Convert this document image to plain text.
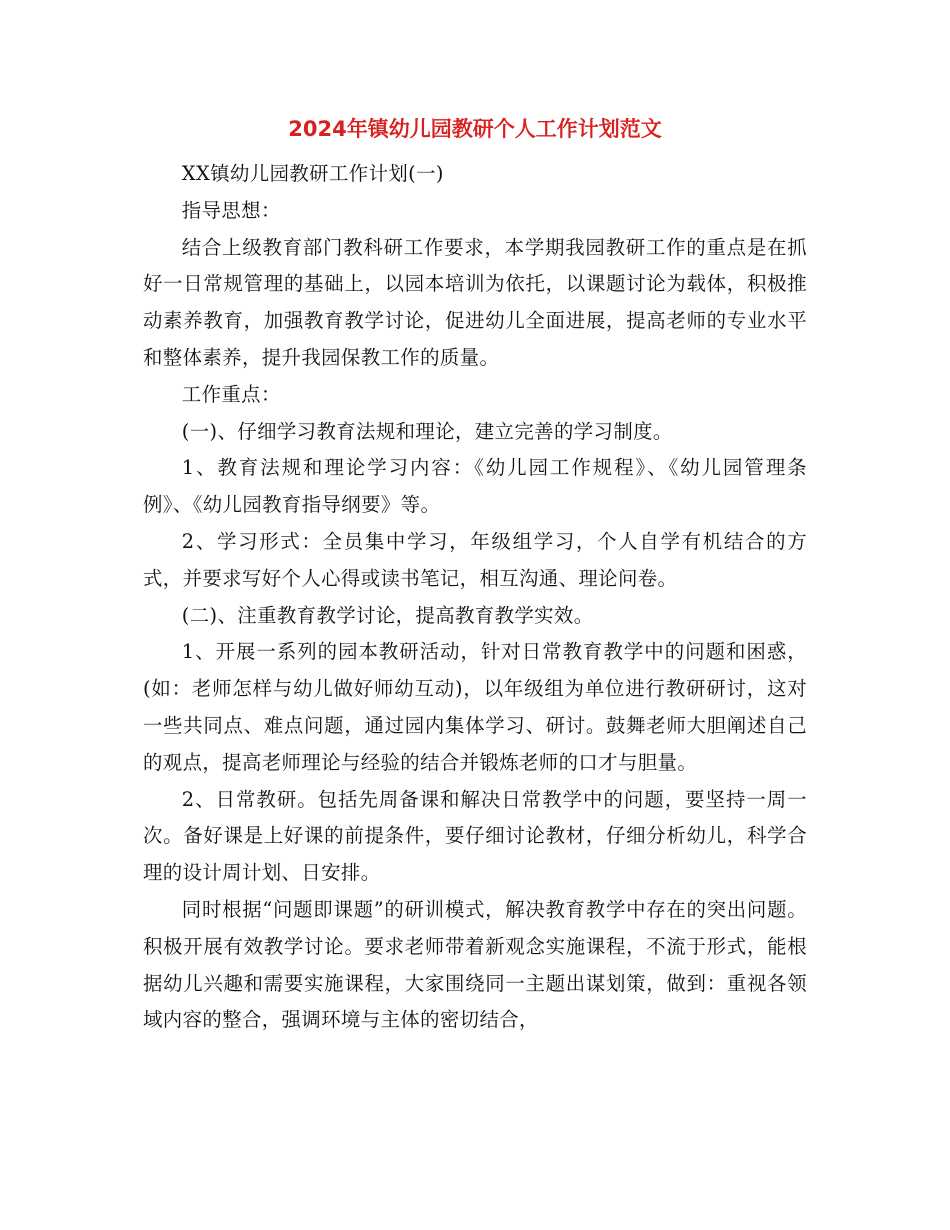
2024年镇幼儿园教研个人工作计划范文

XX镇幼儿园教研工作计划(一)

指导思想：

结合上级教育部门教科研工作要求，本学期我园教研工作的重点是在抓好一日常规管理的基础上，以园本培训为依托，以课题讨论为载体，积极推动素养教育，加强教育教学讨论，促进幼儿全面进展，提高老师的专业水平和整体素养，提升我园保教工作的质量。

工作重点：

(一)、仔细学习教育法规和理论，建立完善的学习制度。

1、教育法规和理论学习内容：《幼儿园工作规程》、《幼儿园管理条例》、《幼儿园教育指导纲要》等。

2、学习形式：全员集中学习，年级组学习，个人自学有机结合的方式，并要求写好个人心得或读书笔记，相互沟通、理论问卷。

(二)、注重教育教学讨论，提高教育教学实效。

1、开展一系列的园本教研活动，针对日常教育教学中的问题和困惑，(如：老师怎样与幼儿做好师幼互动)，以年级组为单位进行教研研讨，这对一些共同点、难点问题，通过园内集体学习、研讨。鼓舞老师大胆阐述自己的观点，提高老师理论与经验的结合并锻炼老师的口才与胆量。

2、日常教研。包括先周备课和解决日常教学中的问题，要坚持一周一次。备好课是上好课的前提条件，要仔细讨论教材，仔细分析幼儿，科学合理的设计周计划、日安排。

同时根据“问题即课题”的研训模式，解决教育教学中存在的突出问题。积极开展有效教学讨论。要求老师带着新观念实施课程，不流于形式，能根据幼儿兴趣和需要实施课程，大家围绕同一主题出谋划策，做到：重视各领域内容的整合，强调环境与主体的密切结合，
